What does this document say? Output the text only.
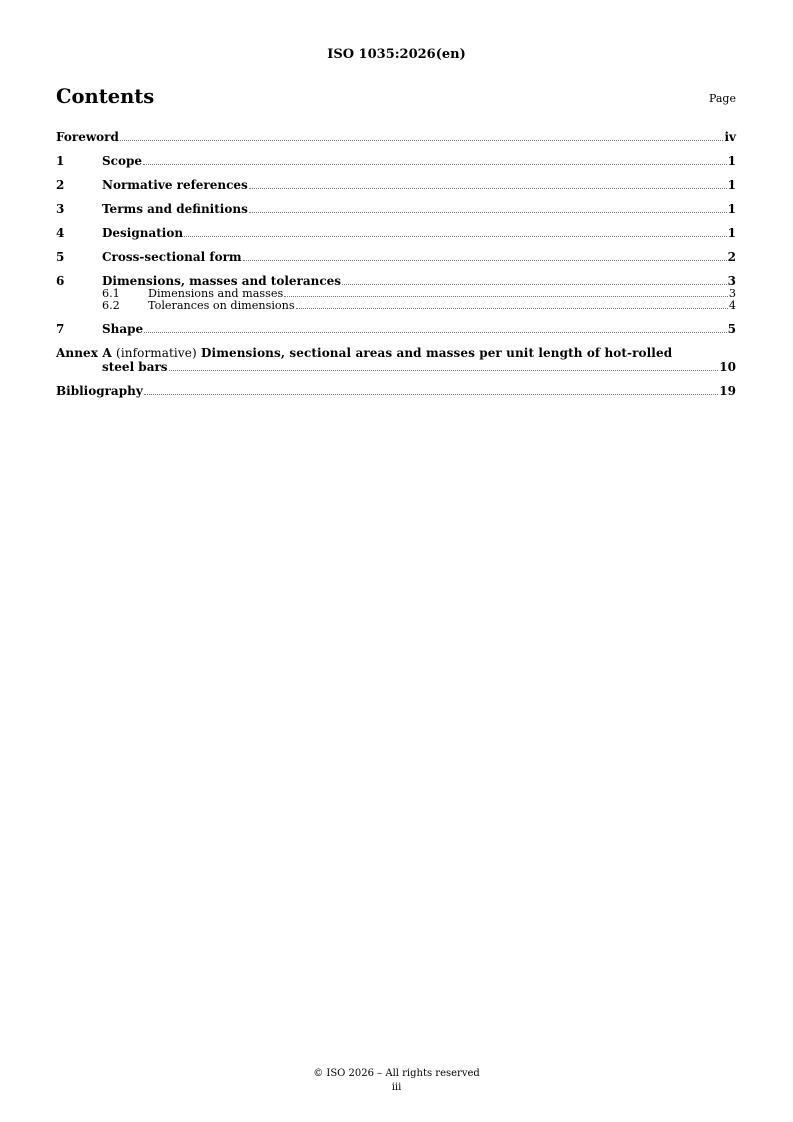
ISO 1035:2026(en)
Contents	Page
Foreword	iv
1	Scope	1
2	Normative references	1
3	Terms and definitions	1
4	Designation	1
5	Cross-sectional form	2
6	Dimensions, masses and tolerances	3
6.1	Dimensions and masses	3
6.2	Tolerances on dimensions	4
7	Shape	5
Annex A (informative) Dimensions, sectional areas and masses per unit length of hot-rolled
steel bars	10
Bibliography	19
© ISO 2026 – All rights reserved
iii
